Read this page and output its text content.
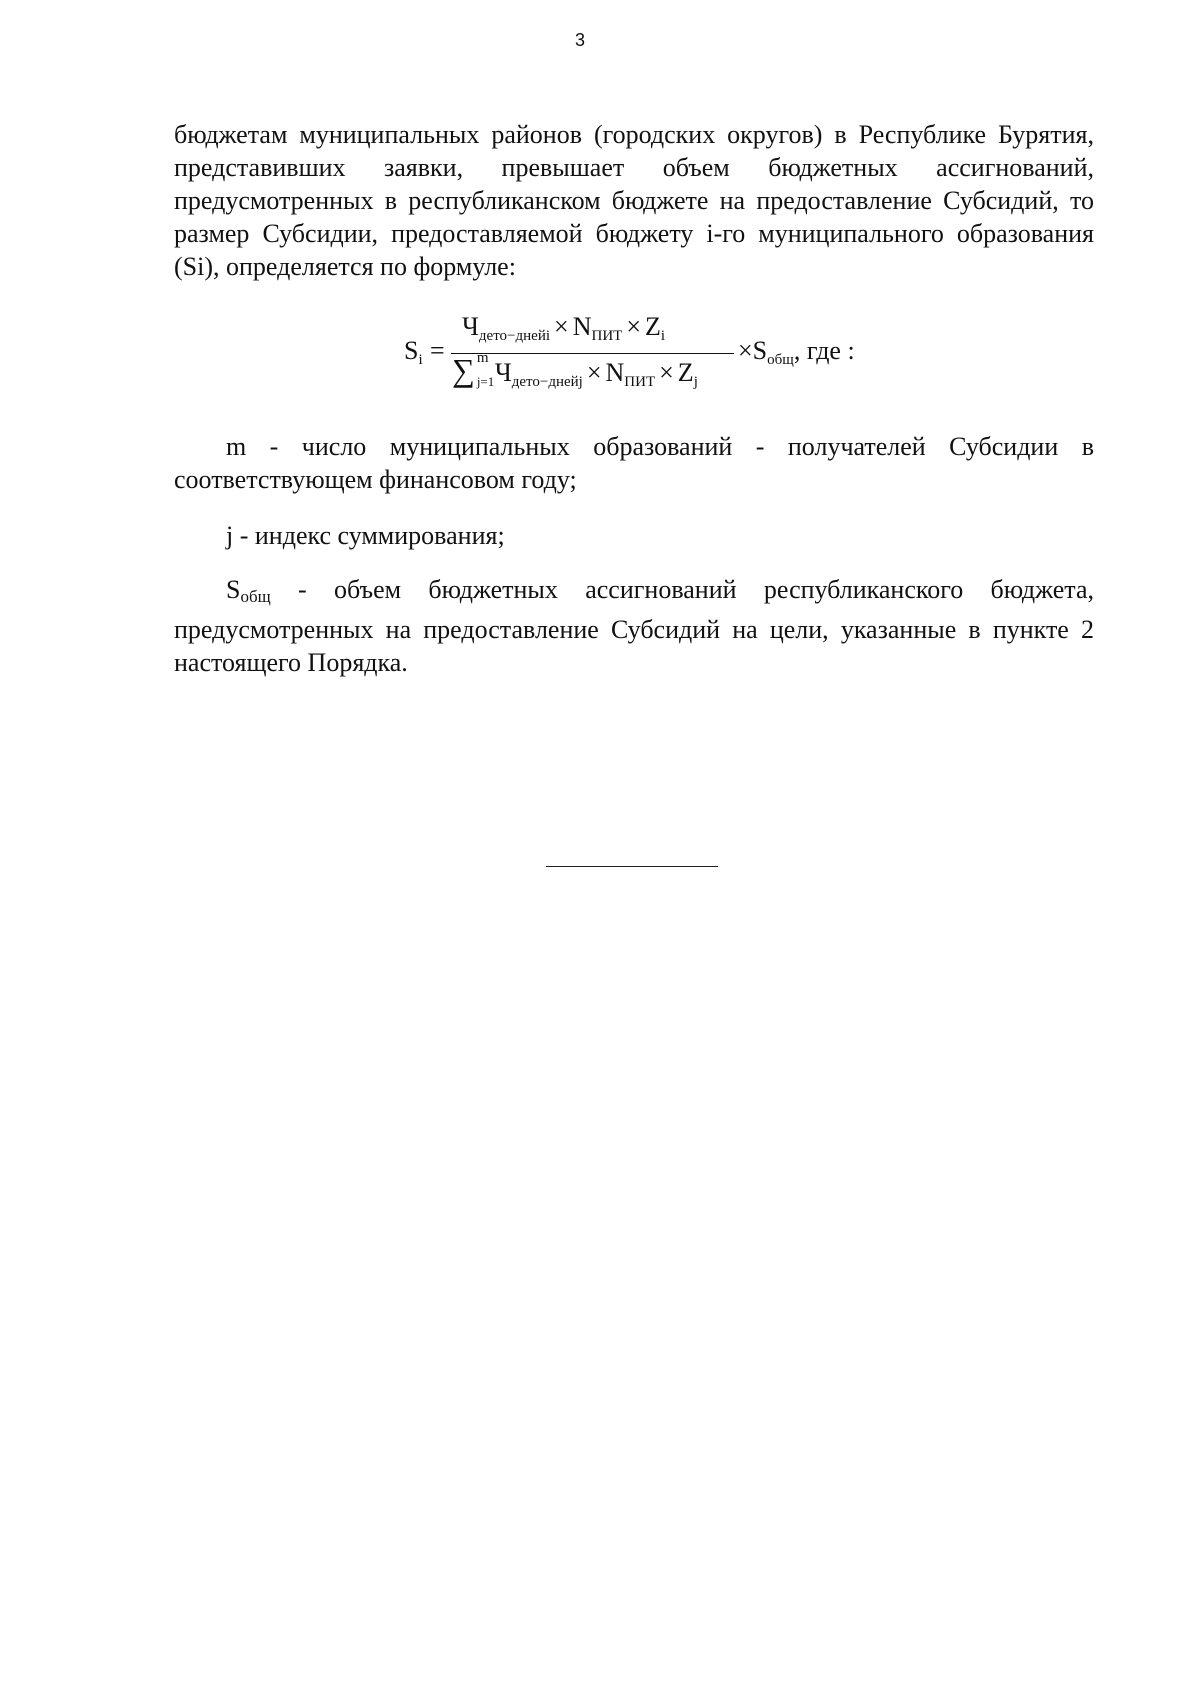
3

бюджетам муниципальных районов (городских округов) в Республике Бурятия, представивших заявки, превышает объем бюджетных ассигнований, предусмотренных в республиканском бюджете на предоставление Субсидий, то размер Субсидии, предоставляемой бюджету i-го муниципального образования (Si), определяется по формуле:

Si =
Чдето−днейi × NПИТ × Zi
∑ m
j=1 Чдето−днейj × NПИТ × Zj
×Sобщ, где :

m - число муниципальных образований - получателей Субсидии в соответствующем финансовом году;

j - индекс суммирования;

$S_{общ}$ - объем бюджетных ассигнований республиканского бюджета, предусмотренных на предоставление Субсидий на цели, указанные в пункте 2 настоящего Порядка.
